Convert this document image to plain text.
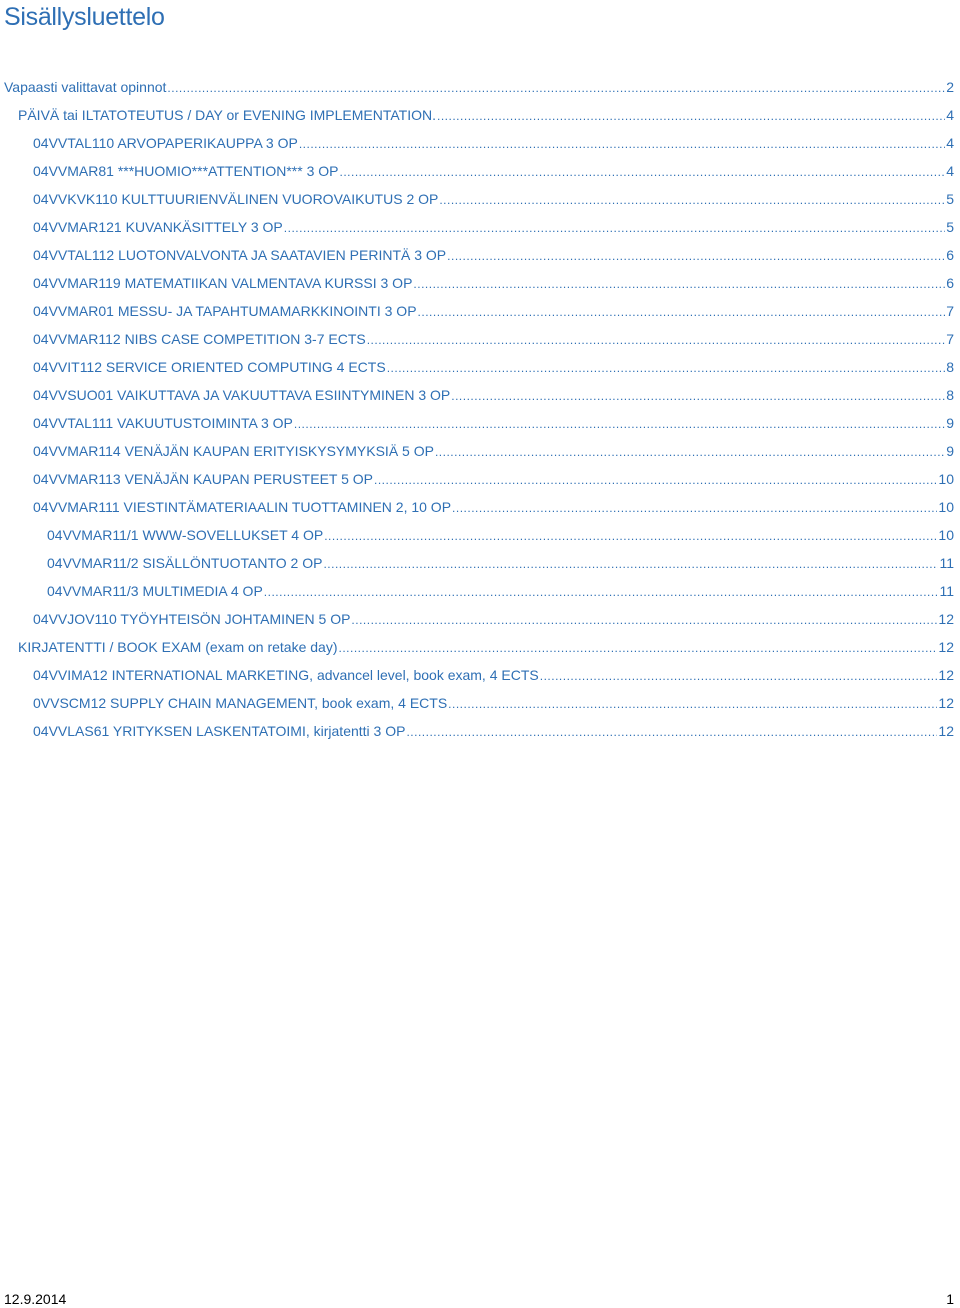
Sisällysluettelo
Vapaasti valittavat opinnot .....	2
PÄIVÄ tai ILTATOTEUTUS / DAY or EVENING IMPLEMENTATION. .....	4
04VVTAL110 ARVOPAPERIKAUPPA 3 OP .....	4
04VVMAR81 ***HUOMIO***ATTENTION*** 3 OP .....	4
04VVKVK110 KULTTUURIENVÄLINEN VUOROVAIKUTUS 2 OP .....	5
04VVMAR121 KUVANKÄSITTELY 3 OP .....	5
04VVTAL112 LUOTONVALVONTA JA SAATAVIEN PERINTÄ 3 OP .....	6
04VVMAR119 MATEMATIIKAN VALMENTAVA KURSSI 3 OP .....	6
04VVMAR01 MESSU- JA TAPAHTUMAMARKKINOINTI 3 OP .....	7
04VVMAR112 NIBS CASE COMPETITION 3-7 ECTS .....	7
04VVIT112 SERVICE ORIENTED COMPUTING 4 ECTS .....	8
04VVSUO01 VAIKUTTAVA JA VAKUUTTAVA ESIINTYMINEN 3 OP .....	8
04VVTAL111 VAKUUTUSTOIMINTA 3 OP .....	9
04VVMAR114 VENÄJÄN KAUPAN ERITYISKYSYMYKSIÄ 5 OP .....	9
04VVMAR113 VENÄJÄN KAUPAN PERUSTEET 5 OP .....	10
04VVMAR111 VIESTINTÄMATERIAALIN TUOTTAMINEN 2, 10 OP .....	10
04VVMAR11/1 WWW-SOVELLUKSET 4 OP .....	10
04VVMAR11/2 SISÄLLÖNTUOTANTO 2 OP .....	11
04VVMAR11/3 MULTIMEDIA 4 OP .....	11
04VVJOV110 TYÖYHTEISÖN JOHTAMINEN 5 OP .....	12
KIRJATENTTI / BOOK EXAM (exam on retake day) .....	12
04VVIMA12 INTERNATIONAL MARKETING, advancel level, book exam, 4 ECTS .....	12
0VVSCM12 SUPPLY CHAIN MANAGEMENT, book exam, 4 ECTS .....	12
04VVLAS61 YRITYKSEN LASKENTATOIMI, kirjatentti 3 OP .....	12
12.9.2014	1
